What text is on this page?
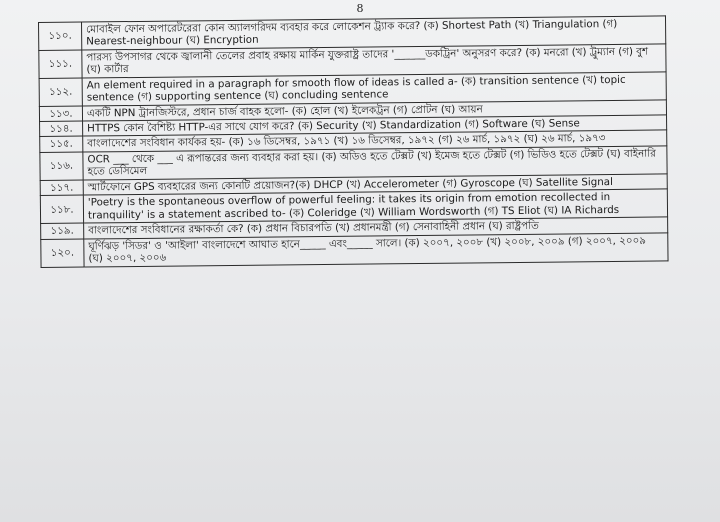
8
১১০.	মোবাইল ফোন অপারেটরেরা কোন অ্যালগরিদম ব্যবহার করে লোকেশন ট্র্যাক করে? (ক) Shortest Path (খ) Triangulation (গ) Nearest-neighbour (ঘ) Encryption
১১১.	পারস্য উপসাগর থেকে জ্বালানী তেলের প্রবাহ রক্ষায় মার্কিন যুক্তরাষ্ট্র তাদের '______ডকট্রিন' অনুসরণ করে? (ক) মনরো (খ) ট্রুম্যান (গ) বুশ (ঘ) কার্টার
১১২.	An element required in a paragraph for smooth flow of ideas is called a- (ক) transition sentence (খ) topic sentence (গ) supporting sentence (ঘ) concluding sentence
১১৩.	একটি NPN ট্রানজিস্টরে, প্রধান চার্জ বাহক হলো- (ক) হোল (খ) ইলেকট্রন (গ) প্রোটন (ঘ) আয়ন
১১৪.	HTTPS কোন বৈশিষ্ট্য HTTP-এর সাথে যোগ করে? (ক) Security (খ) Standardization (গ) Software (ঘ) Sense
১১৫.	বাংলাদেশের সংবিধান কার্যকর হয়- (ক) ১৬ ডিসেম্বর, ১৯৭১ (খ) ১৬ ডিসেম্বর, ১৯৭২ (গ) ২৬ মার্চ, ১৯৭২ (ঘ) ২৬ মার্চ, ১৯৭৩
১১৬.	OCR ___ থেকে ___ এ রূপান্তরের জন্য ব্যবহার করা হয়। (ক) অডিও হতে টেক্সট (খ) ইমেজ হতে টেক্সট (গ) ভিডিও হতে টেক্সট (ঘ) বাইনারি হতে ডেসিমেল
১১৭.	স্মার্টফোনে GPS ব্যবহারের জন্য কোনটি প্রয়োজন?(ক) DHCP (খ) Accelerometer (গ) Gyroscope (ঘ) Satellite Signal
১১৮.	'Poetry is the spontaneous overflow of powerful feeling: it takes its origin from emotion recollected in tranquility' is a statement ascribed to- (ক) Coleridge (খ) William Wordsworth (গ) TS Eliot (ঘ) IA Richards
১১৯.	বাংলাদেশের সংবিধানের রক্ষাকর্তা কে? (ক) প্রধান বিচারপতি (খ) প্রধানমন্ত্রী (গ) সেনাবাহিনী প্রধান (ঘ) রাষ্ট্রপতি
১২০.	ঘূর্ণিঝড় 'সিডর' ও 'আইলা' বাংলাদেশে আঘাত হানে_____ এবং_____ সালে। (ক) ২০০৭, ২০০৮ (খ) ২০০৮, ২০০৯ (গ) ২০০৭, ২০০৯ (ঘ) ২০০৭, ২০০৬
